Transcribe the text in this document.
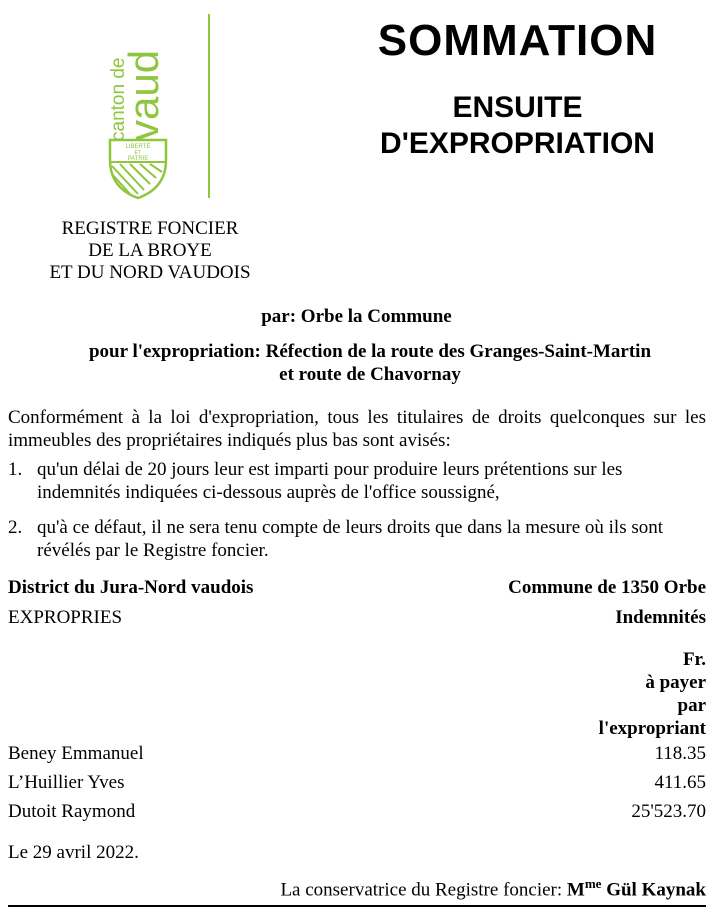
canton de
vaud
LIBERTÉ
ET
PATRIE
SOMMATION
ENSUITE
D'EXPROPRIATION
REGISTRE FONCIER
DE LA BROYE
ET DU NORD VAUDOIS
par: Orbe la Commune
pour l'expropriation: Réfection de la route des Granges-Saint-Martin
et route de Chavornay
Conformément à la loi d'expropriation, tous les titulaires de droits quelconques sur les immeubles des propriétaires indiqués plus bas sont avisés:
1. qu'un délai de 20 jours leur est imparti pour produire leurs prétentions sur les indemnités indiquées ci-dessous auprès de l'office soussigné,
2. qu'à ce défaut, il ne sera tenu compte de leurs droits que dans la mesure où ils sont révélés par le Registre foncier.
District du Jura-Nord vaudois	Commune de 1350 Orbe
EXPROPRIES	Indemnités
Fr.
à payer
par
l'expropriant
Beney Emmanuel	118.35
L’Huillier Yves	411.65
Dutoit Raymond	25'523.70
Le 29 avril 2022.
La conservatrice du Registre foncier: $M^{me}$ Gül Kaynak
